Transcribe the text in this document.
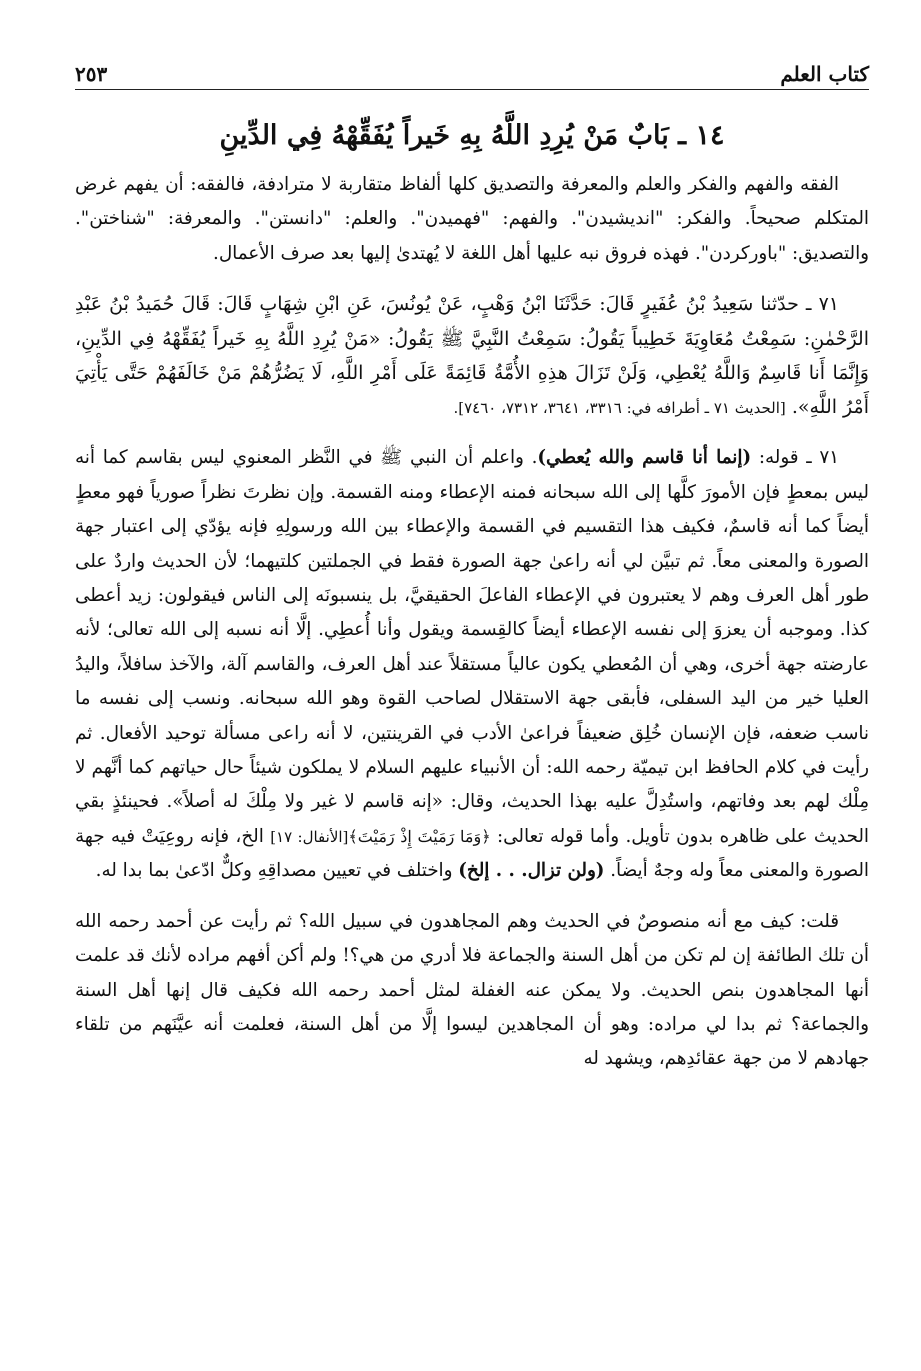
٢٥٣	كتاب العلم
١٤ ـ بَابٌ مَنْ يُرِدِ اللَّهُ بِهِ خَيراً يُفَقِّهْهُ فِي الدِّينِ

الفقه والفهم والفكر والعلم والمعرفة والتصديق كلها ألفاظ متقاربة لا مترادفة، فالفقه: أن يفهم غرض المتكلم صحيحاً. والفكر: "انديشيدن". والفهم: "فهميدن". والعلم: "دانستن". والمعرفة: "شناختن". والتصديق: "باوركردن". فهذه فروق نبه عليها أهل اللغة لا يُهتدىٰ إليها بعد صرف الأعمال.

٧١ ـ حدّثنا سَعِيدُ بْنُ عُفَيرٍ قَالَ: حَدَّثَنَا ابْنُ وَهْبٍ، عَنْ يُونُسَ، عَنِ ابْنِ شِهَابٍ قَالَ: قَالَ حُمَيدُ بْنُ عَبْدِ الرَّحْمٰنِ: سَمِعْتُ مُعَاوِيَةَ خَطِيباً يَقُولُ: سَمِعْتُ النَّبِيَّ ﷺ يَقُولُ: «مَنْ يُرِدِ اللَّهُ بِهِ خَيراً يُفَقِّهْهُ فِي الدِّينِ، وَإِنَّمَا أَنا قَاسِمٌ وَاللَّهُ يُعْطِي، وَلَنْ تَزَالَ هذِهِ الأُمَّةُ قَائِمَةً عَلَى أَمْرِ اللَّهِ، لَا يَضُرُّهُمْ مَنْ خَالَفَهُمْ حَتَّى يَأْتِيَ أَمْرُ اللَّهِ». [الحديث ٧١ ـ أطرافه في: ٣٣١٦، ٣٦٤١، ٧٣١٢، ٧٤٦٠].

٧١ ـ قوله: (إنما أنا قاسم والله يُعطي). واعلم أن النبي ﷺ في النَّظر المعنوي ليس بقاسم كما أنه ليس بمعطٍ فإن الأمورَ كلَّها إلى الله سبحانه فمنه الإعطاء ومنه القسمة. وإن نظرتَ نظراً صورياً فهو معطٍ أيضاً كما أنه قاسمٌ، فكيف هذا التقسيم في القسمة والإعطاء بين الله ورسولِهِ فإنه يؤدّي إلى اعتبار جهة الصورة والمعنى معاً. ثم تبيَّن لي أنه راعىٰ جهة الصورة فقط في الجملتين كلتيهما؛ لأن الحديث واردٌ على طور أهل العرف وهم لا يعتبرون في الإعطاء الفاعلَ الحقيقيَّ، بل ينسبونَه إلى الناس فيقولون: زيد أعطى كذا. وموجبه أن يعزوَ إلى نفسه الإعطاء أيضاً كالقِسمة ويقول وأنا أُعطِي. إلَّا أنه نسبه إلى الله تعالى؛ لأنه عارضته جهة أخرى، وهي أن المُعطي يكون عالياً مستقلاً عند أهل العرف، والقاسم آلة، والآخذ سافلاً، واليدُ العليا خير من اليد السفلى، فأبقى جهة الاستقلال لصاحب القوة وهو الله سبحانه. ونسب إلى نفسه ما ناسب ضعفه، فإن الإنسان خُلِق ضعيفاً فراعىٰ الأدب في القرينتين، لا أنه راعى مسألة توحيد الأفعال. ثم رأيت في كلام الحافظ ابن تيميّة رحمه الله: أن الأنبياء عليهم السلام لا يملكون شيئاً حال حياتهم كما أنَّهم لا مِلْك لهم بعد وفاتهم، واستُدِلَّ عليه بهذا الحديث، وقال: «إنه قاسم لا غير ولا مِلْكَ له أصلاً». فحينئذٍ بقي الحديث على ظاهره بدون تأويل. وأما قوله تعالى: ﴿وَمَا رَمَيْتَ إِذْ رَمَيْتَ﴾[الأنفال: ١٧] الخ، فإنه روعِيَتْ فيه جهة الصورة والمعنى معاً وله وجهٌ أيضاً. (ولن تزال. . . إلخ) واختلف في تعيين مصداقِهِ وكلٌّ ادّعىٰ بما بدا له.

قلت: كيف مع أنه منصوصٌ في الحديث وهم المجاهدون في سبيل الله؟ ثم رأيت عن أحمد رحمه الله أن تلك الطائفة إن لم تكن من أهل السنة والجماعة فلا أدري من هي؟! ولم أكن أفهم مراده لأنك قد علمت أنها المجاهدون بنص الحديث. ولا يمكن عنه الغفلة لمثل أحمد رحمه الله فكيف قال إنها أهل السنة والجماعة؟ ثم بدا لي مراده: وهو أن المجاهدين ليسوا إلَّا من أهل السنة، فعلمت أنه عيَّنَهم من تلقاء جهادهم لا من جهة عقائدِهم، ويشهد له
